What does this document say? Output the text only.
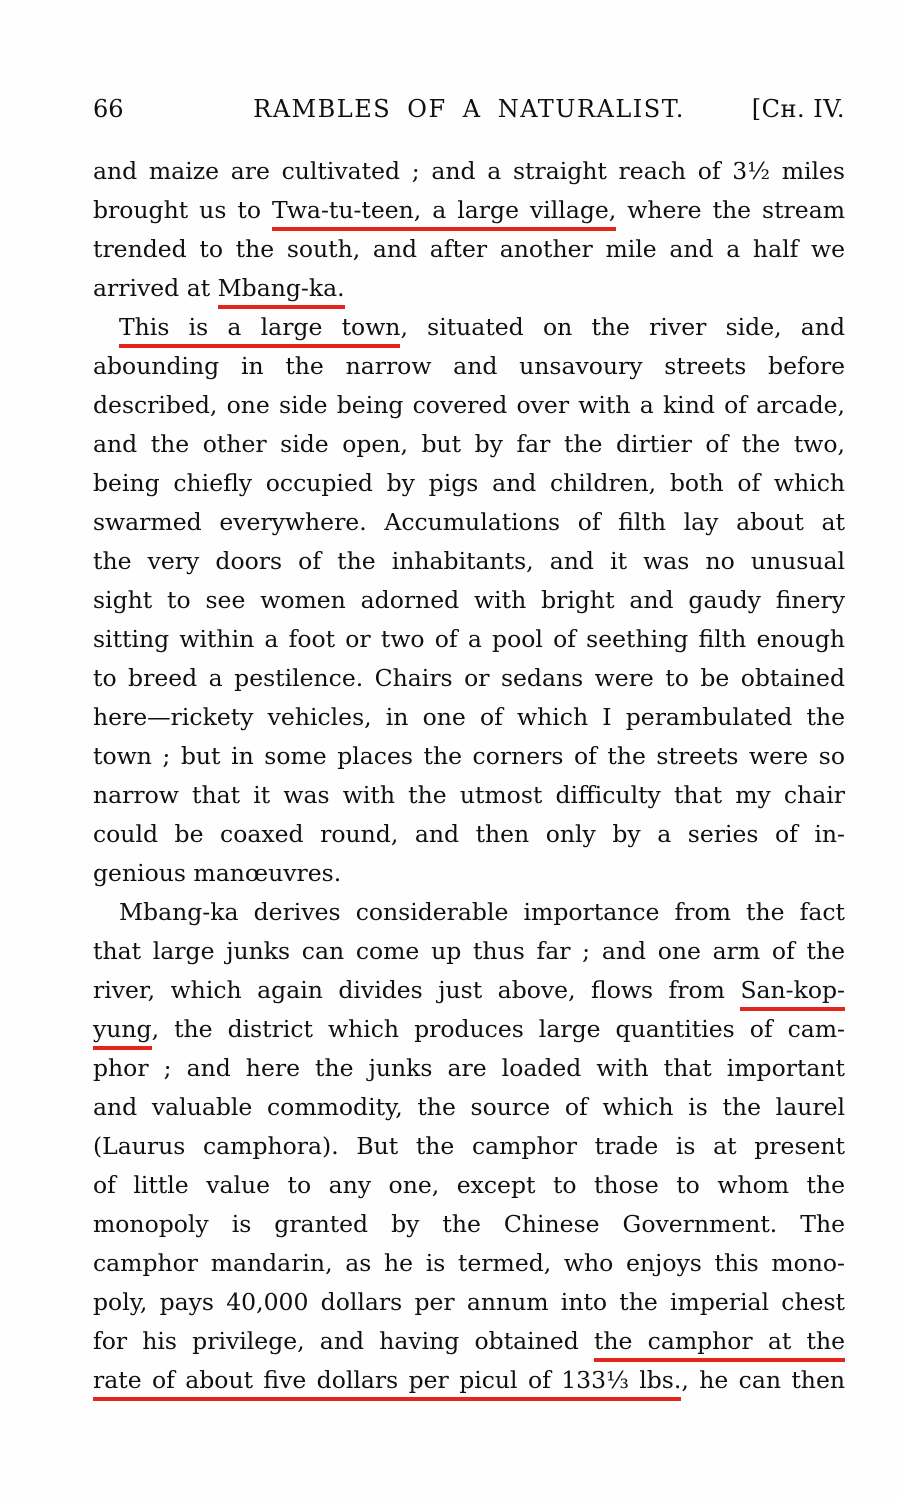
66	RAMBLES OF A NATURALIST.	[Cʜ. IV.
and maize are cultivated ; and a straight reach of 3½ miles
brought us to Twa-tu-teen, a large village, where the stream
trended to the south, and after another mile and a half we
arrived at Mbang-ka.
This is a large town, situated on the river side, and
abounding in the narrow and unsavoury streets before
described, one side being covered over with a kind of arcade,
and the other side open, but by far the dirtier of the two,
being chiefly occupied by pigs and children, both of which
swarmed everywhere. Accumulations of filth lay about at
the very doors of the inhabitants, and it was no unusual
sight to see women adorned with bright and gaudy finery
sitting within a foot or two of a pool of seething filth enough
to breed a pestilence. Chairs or sedans were to be obtained
here—rickety vehicles, in one of which I perambulated the
town ; but in some places the corners of the streets were so
narrow that it was with the utmost difficulty that my chair
could be coaxed round, and then only by a series of in-
genious manœuvres.
Mbang-ka derives considerable importance from the fact
that large junks can come up thus far ; and one arm of the
river, which again divides just above, flows from San-kop-
yung, the district which produces large quantities of cam-
phor ; and here the junks are loaded with that important
and valuable commodity, the source of which is the laurel
(Laurus camphora). But the camphor trade is at present
of little value to any one, except to those to whom the
monopoly is granted by the Chinese Government. The
camphor mandarin, as he is termed, who enjoys this mono-
poly, pays 40,000 dollars per annum into the imperial chest
for his privilege, and having obtained the camphor at the
rate of about five dollars per picul of 133⅓ lbs., he can then
